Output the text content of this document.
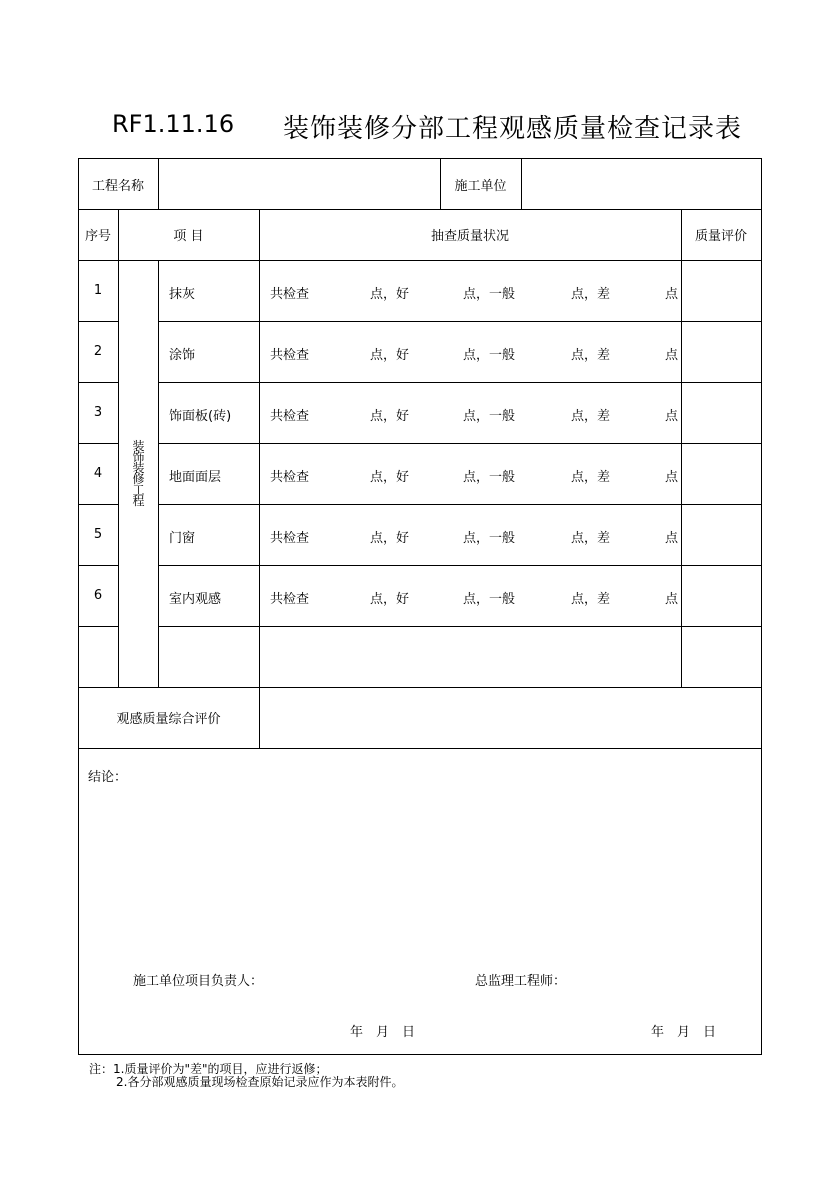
RF1.11.16 装饰装修分部工程观感质量检查记录表
工程名称	施工单位
序号	项 目	抽查质量状况	质量评价
装饰装修工程
1	抹灰	共检查	点，好	点，一般	点，差	点
2	涂饰	共检查	点，好	点，一般	点，差	点
3	饰面板(砖)	共检查	点，好	点，一般	点，差	点
4	地面面层	共检查	点，好	点，一般	点，差	点
5	门窗	共检查	点，好	点，一般	点，差	点
6	室内观感	共检查	点，好	点，一般	点，差	点
观感质量综合评价
结论：
施工单位项目负责人：	总监理工程师：
年　月　日	年　月　日
注：1.质量评价为"差"的项目，应进行返修；
2.各分部观感质量现场检查原始记录应作为本表附件。
